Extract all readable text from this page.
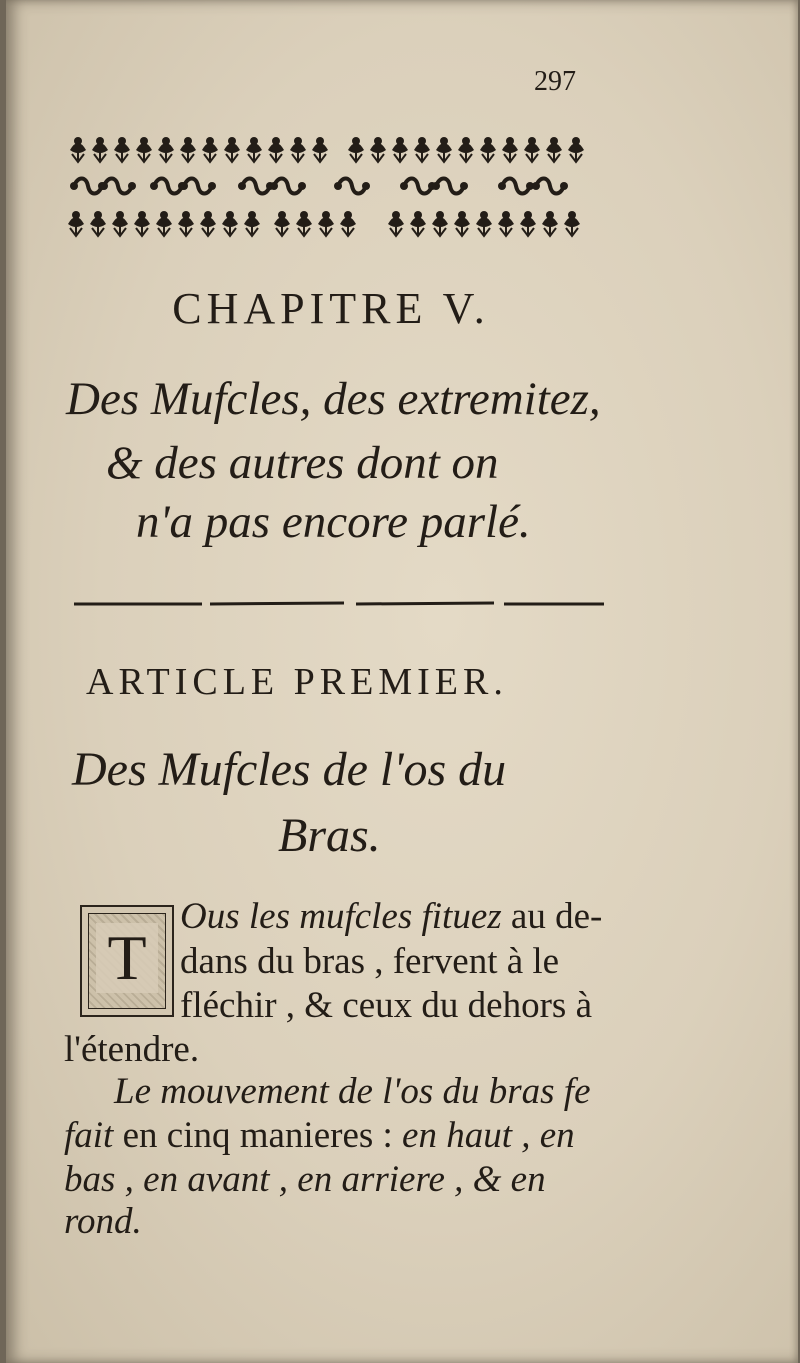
297
CHAPITRE V.
Des Mufcles, des extremitez,
& des autres dont on
n'a pas encore parlé.
ARTICLE PREMIER.
Des Mufcles de l'os du
Bras.
T
Ous les mufcles fituez au de-
dans du bras , fervent à le
fléchir , & ceux du dehors à
l'étendre.
Le mouvement de l'os du bras fe
fait en cinq manieres : en haut , en
bas , en avant , en arriere , & en
rond.
